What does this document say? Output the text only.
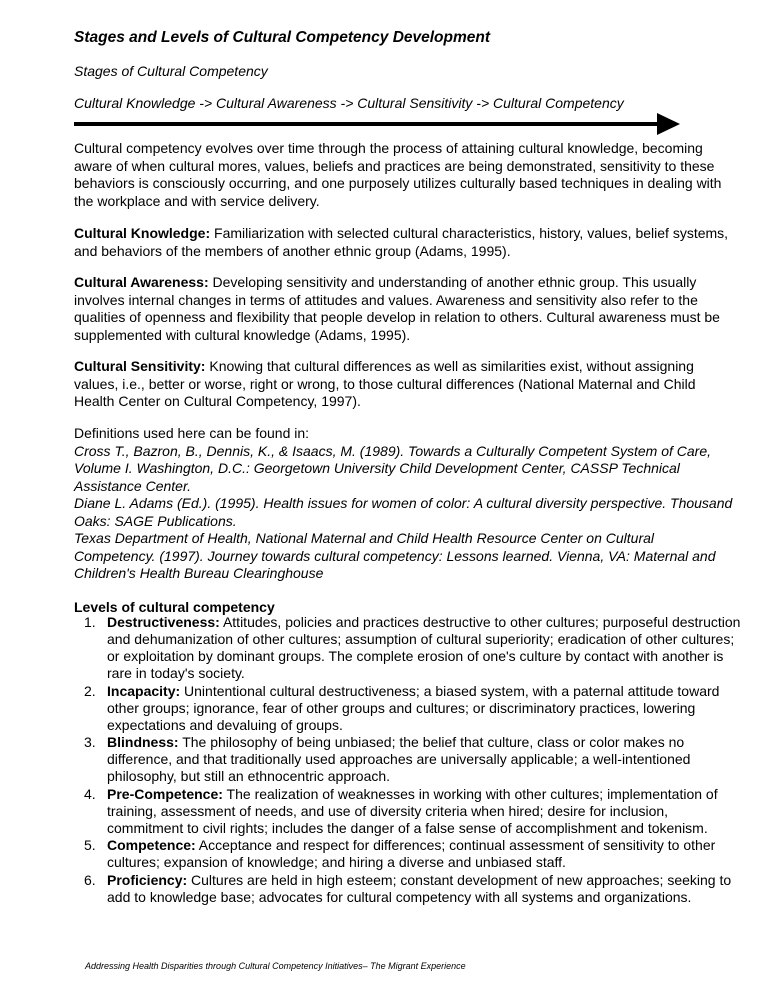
Stages and Levels of Cultural Competency Development
Stages of Cultural Competency
Cultural Knowledge -> Cultural Awareness -> Cultural Sensitivity -> Cultural Competency
Cultural competency evolves over time through the process of attaining cultural knowledge, becoming aware of when cultural mores, values, beliefs and practices are being demonstrated, sensitivity to these behaviors is consciously occurring, and one purposely utilizes culturally based techniques in dealing with the workplace and with service delivery.
Cultural Knowledge: Familiarization with selected cultural characteristics, history, values, belief systems, and behaviors of the members of another ethnic group (Adams, 1995).
Cultural Awareness: Developing sensitivity and understanding of another ethnic group. This usually involves internal changes in terms of attitudes and values. Awareness and sensitivity also refer to the qualities of openness and flexibility that people develop in relation to others. Cultural awareness must be supplemented with cultural knowledge (Adams, 1995).
Cultural Sensitivity: Knowing that cultural differences as well as similarities exist, without assigning values, i.e., better or worse, right or wrong, to those cultural differences (National Maternal and Child Health Center on Cultural Competency, 1997).
Definitions used here can be found in:
Cross T., Bazron, B., Dennis, K., & Isaacs, M. (1989). Towards a Culturally Competent System of Care, Volume I. Washington, D.C.: Georgetown University Child Development Center, CASSP Technical Assistance Center.
Diane L. Adams (Ed.). (1995). Health issues for women of color: A cultural diversity perspective. Thousand Oaks: SAGE Publications.
Texas Department of Health, National Maternal and Child Health Resource Center on Cultural Competency. (1997). Journey towards cultural competency: Lessons learned. Vienna, VA: Maternal and Children's Health Bureau Clearinghouse
Levels of cultural competency
1. Destructiveness: Attitudes, policies and practices destructive to other cultures; purposeful destruction and dehumanization of other cultures; assumption of cultural superiority; eradication of other cultures; or exploitation by dominant groups. The complete erosion of one's culture by contact with another is rare in today's society.
2. Incapacity: Unintentional cultural destructiveness; a biased system, with a paternal attitude toward other groups; ignorance, fear of other groups and cultures; or discriminatory practices, lowering expectations and devaluing of groups.
3. Blindness: The philosophy of being unbiased; the belief that culture, class or color makes no difference, and that traditionally used approaches are universally applicable; a well-intentioned philosophy, but still an ethnocentric approach.
4. Pre-Competence: The realization of weaknesses in working with other cultures; implementation of training, assessment of needs, and use of diversity criteria when hired; desire for inclusion, commitment to civil rights; includes the danger of a false sense of accomplishment and tokenism.
5. Competence: Acceptance and respect for differences; continual assessment of sensitivity to other cultures; expansion of knowledge; and hiring a diverse and unbiased staff.
6. Proficiency: Cultures are held in high esteem; constant development of new approaches; seeking to add to knowledge base; advocates for cultural competency with all systems and organizations.
Addressing Health Disparities through Cultural Competency Initiatives– The Migrant Experience
